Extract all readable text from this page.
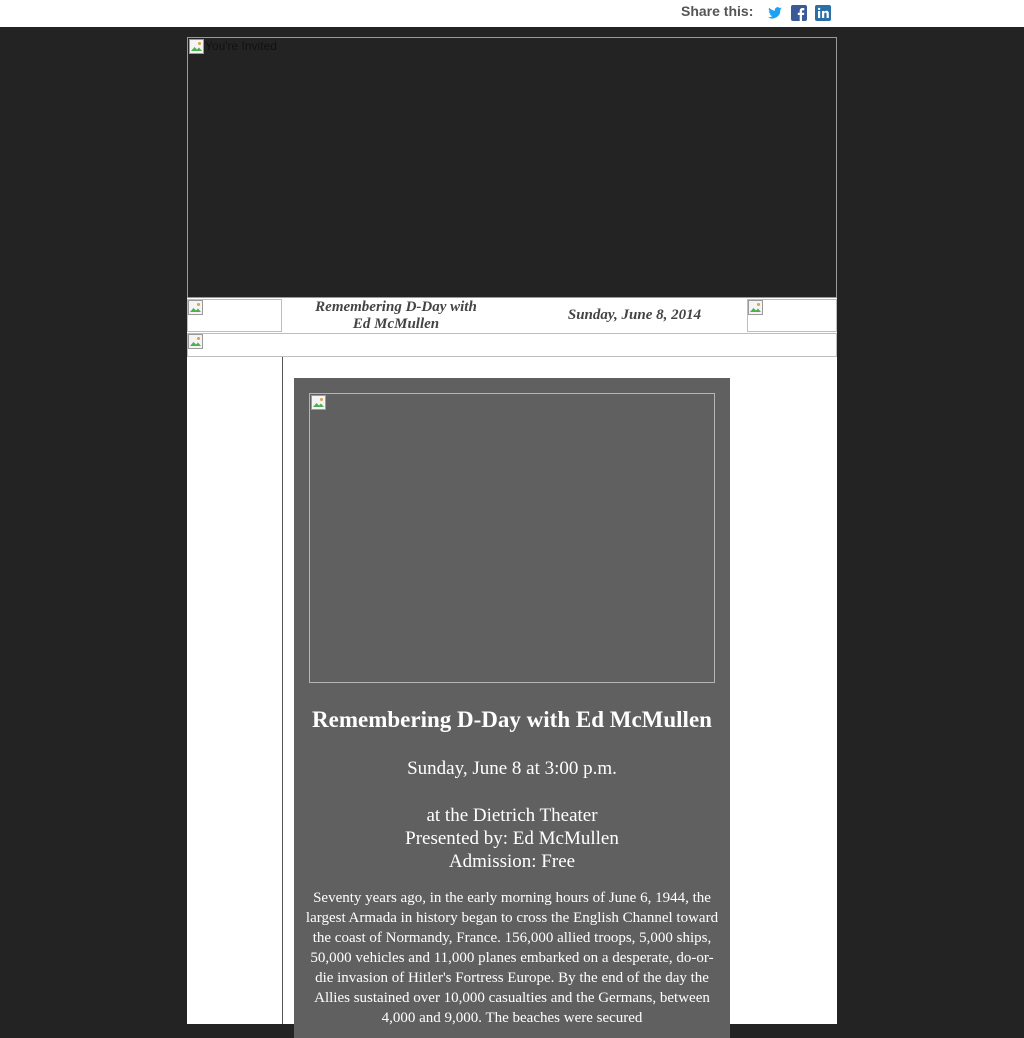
Share this:
You're Invited
Remembering D-Day with
Ed McMullen
Sunday, June 8, 2014
Remembering D-Day with Ed McMullen
Sunday, June 8 at 3:00 p.m.
at the Dietrich Theater
Presented by: Ed McMullen
Admission: Free
Seventy years ago, in the early morning hours of June 6, 1944, the largest Armada in history began to cross the English Channel toward the coast of Normandy, France. 156,000 allied troops, 5,000 ships, 50,000 vehicles and 11,000 planes embarked on a desperate, do-or-die invasion of Hitler's Fortress Europe. By the end of the day the Allies sustained over 10,000 casualties and the Germans, between 4,000 and 9,000. The beaches were secured
